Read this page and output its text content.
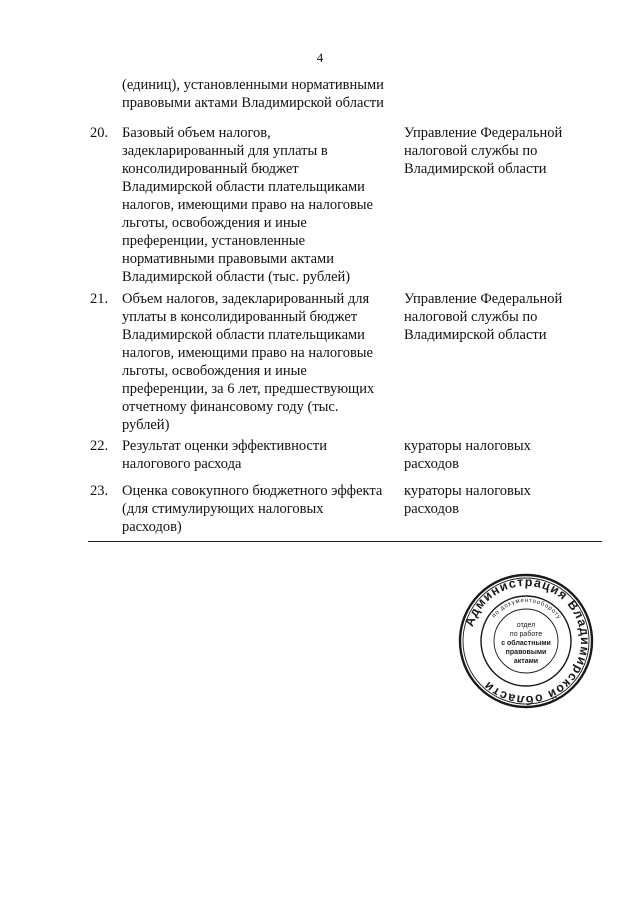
4
(единиц), установленными нормативными
правовыми актами Владимирской области
20. Базовый объем налогов,
задекларированный для уплаты в
консолидированный бюджет
Владимирской области плательщиками
налогов, имеющими право на налоговые
льготы, освобождения и иные
преференции, установленные
нормативными правовыми актами
Владимирской области (тыс. рублей)
Управление Федеральной
налоговой службы по
Владимирской области
21. Объем налогов, задекларированный для
уплаты в консолидированный бюджет
Владимирской области плательщиками
налогов, имеющими право на налоговые
льготы, освобождения и иные
преференции, за 6 лет, предшествующих
отчетному финансовому году (тыс.
рублей)
Управление Федеральной
налоговой службы по
Владимирской области
22. Результат оценки эффективности
налогового расхода
кураторы налоговых
расходов
23. Оценка совокупного бюджетного эффекта
(для стимулирующих налоговых
расходов)
кураторы налоговых
расходов
Администрация Владимирской области
по документообороту
отдел
по работе
с областными
правовыми
актами
